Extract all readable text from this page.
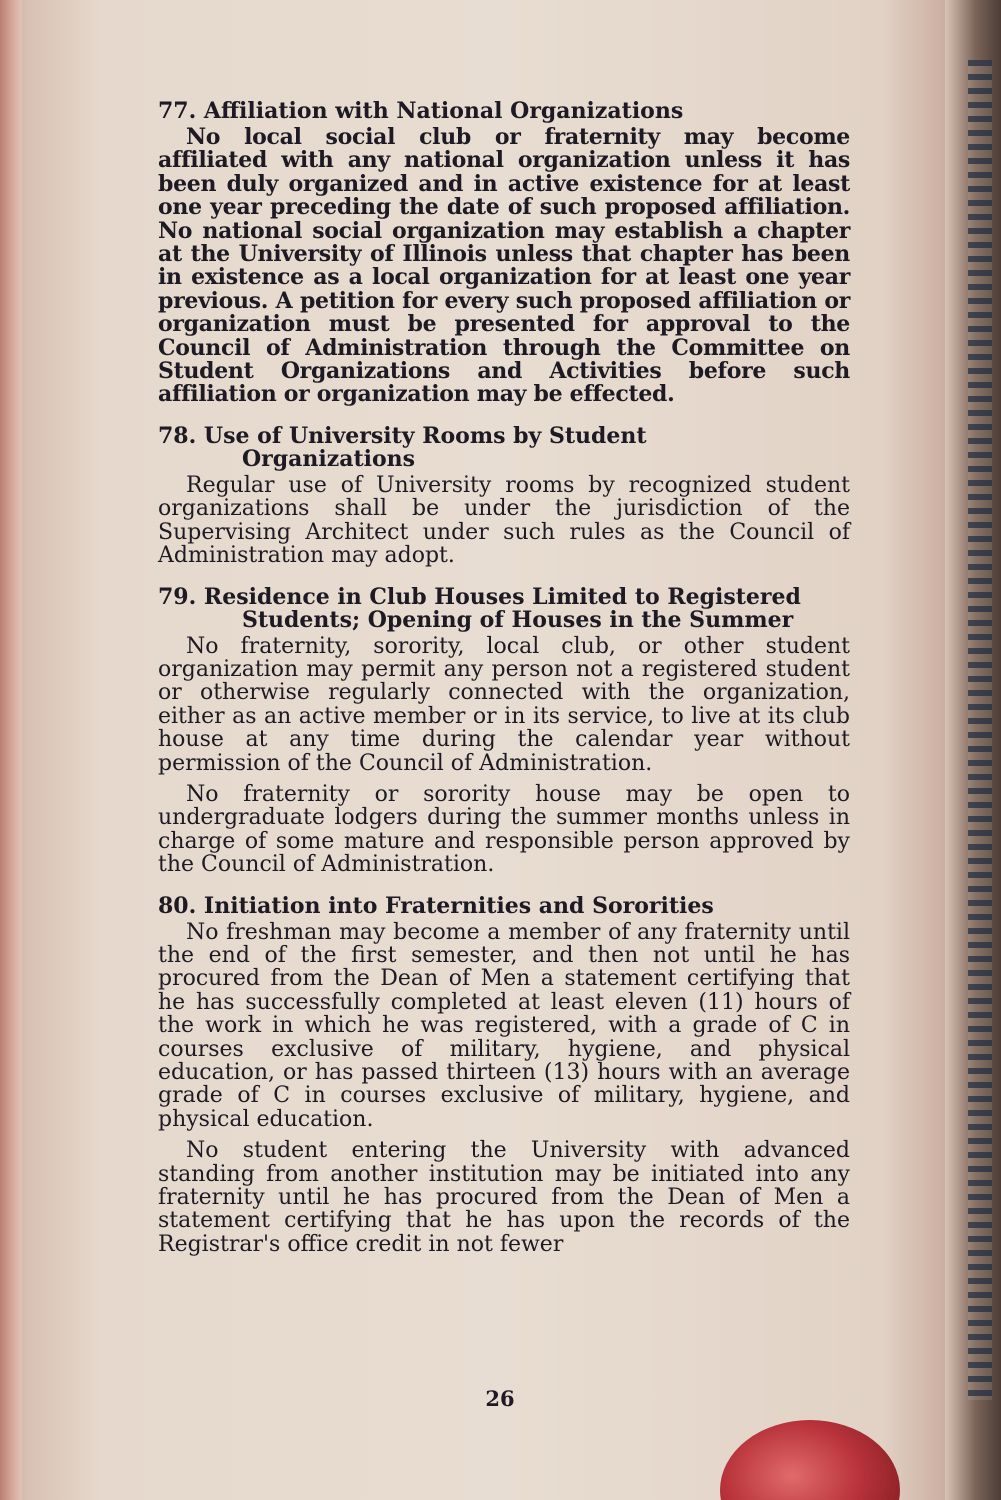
77. Affiliation with National Organizations

No local social club or fraternity may become affiliated with any national organization unless it has been duly organized and in active existence for at least one year preceding the date of such proposed affiliation. No national social organization may establish a chapter at the University of Illinois unless that chapter has been in existence as a local organization for at least one year previous. A petition for every such proposed affiliation or organization must be presented for approval to the Council of Administration through the Committee on Student Organizations and Activities before such affiliation or organization may be effected.

78. Use of University Rooms by Student
Organizations

Regular use of University rooms by recognized student organizations shall be under the jurisdiction of the Supervising Architect under such rules as the Council of Administration may adopt.

79. Residence in Club Houses Limited to Registered
Students; Opening of Houses in the Summer

No fraternity, sorority, local club, or other student organization may permit any person not a registered student or otherwise regularly connected with the organization, either as an active member or in its service, to live at its club house at any time during the calendar year without permission of the Council of Administration.

No fraternity or sorority house may be open to undergraduate lodgers during the summer months unless in charge of some mature and responsible person approved by the Council of Administration.

80. Initiation into Fraternities and Sororities

No freshman may become a member of any fraternity until the end of the first semester, and then not until he has procured from the Dean of Men a statement certifying that he has successfully completed at least eleven (11) hours of the work in which he was registered, with a grade of C in courses exclusive of military, hygiene, and physical education, or has passed thirteen (13) hours with an average grade of C in courses exclusive of military, hygiene, and physical education.

No student entering the University with advanced standing from another institution may be initiated into any fraternity until he has procured from the Dean of Men a statement certifying that he has upon the records of the Registrar's office credit in not fewer

26
